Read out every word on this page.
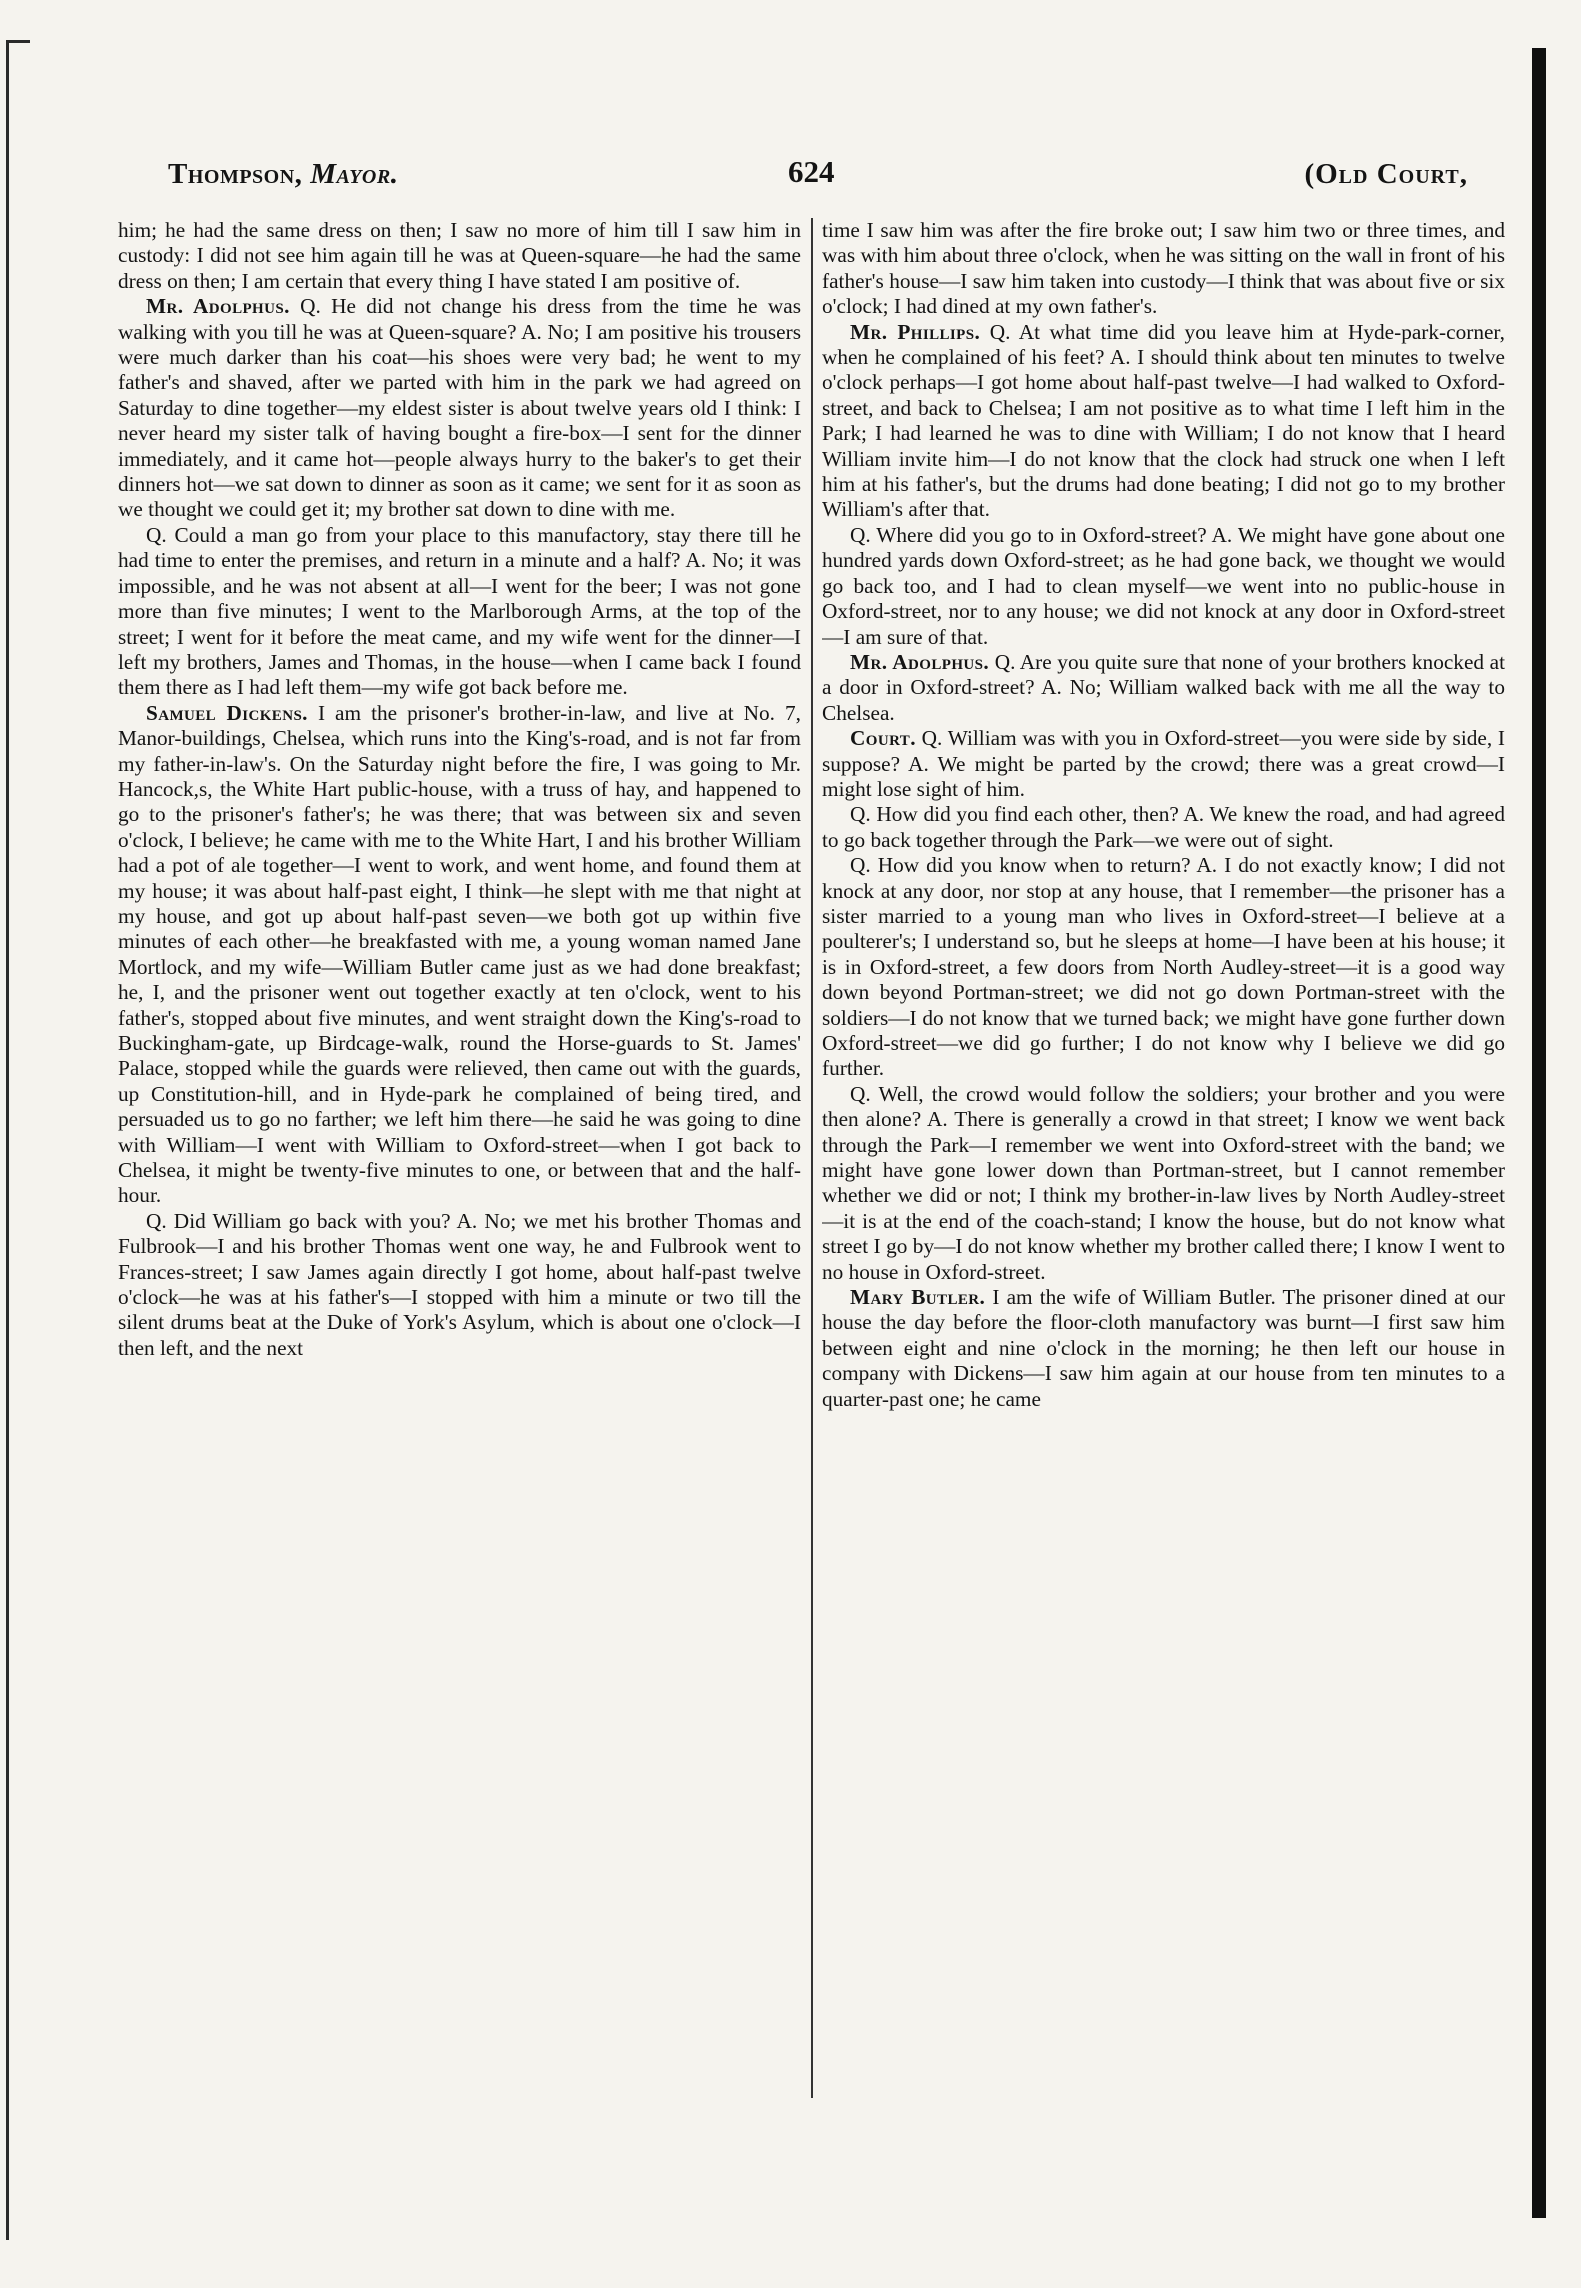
Thompson, Mayor.	624	(Old Court,

him; he had the same dress on then; I saw no more of him till I saw him in custody: I did not see him again till he was at Queen-square—he had the same dress on then; I am certain that every thing I have stated I am positive of.

Mr. Adolphus. Q. He did not change his dress from the time he was walking with you till he was at Queen-square? A. No; I am positive his trousers were much darker than his coat—his shoes were very bad; he went to my father's and shaved, after we parted with him in the park we had agreed on Saturday to dine together—my eldest sister is about twelve years old I think: I never heard my sister talk of having bought a fire-box—I sent for the dinner immediately, and it came hot—people always hurry to the baker's to get their dinners hot—we sat down to dinner as soon as it came; we sent for it as soon as we thought we could get it; my brother sat down to dine with me.

Q. Could a man go from your place to this manufactory, stay there till he had time to enter the premises, and return in a minute and a half? A. No; it was impossible, and he was not absent at all—I went for the beer; I was not gone more than five minutes; I went to the Marlborough Arms, at the top of the street; I went for it before the meat came, and my wife went for the dinner—I left my brothers, James and Thomas, in the house—when I came back I found them there as I had left them—my wife got back before me.

Samuel Dickens. I am the prisoner's brother-in-law, and live at No. 7, Manor-buildings, Chelsea, which runs into the King's-road, and is not far from my father-in-law's. On the Saturday night before the fire, I was going to Mr. Hancock,s, the White Hart public-house, with a truss of hay, and happened to go to the prisoner's father's; he was there; that was between six and seven o'clock, I believe; he came with me to the White Hart, I and his brother William had a pot of ale together—I went to work, and went home, and found them at my house; it was about half-past eight, I think—he slept with me that night at my house, and got up about half-past seven—we both got up within five minutes of each other—he breakfasted with me, a young woman named Jane Mortlock, and my wife—William Butler came just as we had done breakfast; he, I, and the prisoner went out together exactly at ten o'clock, went to his father's, stopped about five minutes, and went straight down the King's-road to Buckingham-gate, up Birdcage-walk, round the Horse-guards to St. James' Palace, stopped while the guards were relieved, then came out with the guards, up Constitution-hill, and in Hyde-park he complained of being tired, and persuaded us to go no farther; we left him there—he said he was going to dine with William—I went with William to Oxford-street—when I got back to Chelsea, it might be twenty-five minutes to one, or between that and the half-hour.

Q. Did William go back with you? A. No; we met his brother Thomas and Fulbrook—I and his brother Thomas went one way, he and Fulbrook went to Frances-street; I saw James again directly I got home, about half-past twelve o'clock—he was at his father's—I stopped with him a minute or two till the silent drums beat at the Duke of York's Asylum, which is about one o'clock—I then left, and the next

time I saw him was after the fire broke out; I saw him two or three times, and was with him about three o'clock, when he was sitting on the wall in front of his father's house—I saw him taken into custody—I think that was about five or six o'clock; I had dined at my own father's.

Mr. Phillips. Q. At what time did you leave him at Hyde-park-corner, when he complained of his feet? A. I should think about ten minutes to twelve o'clock perhaps—I got home about half-past twelve—I had walked to Oxford-street, and back to Chelsea; I am not positive as to what time I left him in the Park; I had learned he was to dine with William; I do not know that I heard William invite him—I do not know that the clock had struck one when I left him at his father's, but the drums had done beating; I did not go to my brother William's after that.

Q. Where did you go to in Oxford-street? A. We might have gone about one hundred yards down Oxford-street; as he had gone back, we thought we would go back too, and I had to clean myself—we went into no public-house in Oxford-street, nor to any house; we did not knock at any door in Oxford-street—I am sure of that.

Mr. Adolphus. Q. Are you quite sure that none of your brothers knocked at a door in Oxford-street? A. No; William walked back with me all the way to Chelsea.

Court. Q. William was with you in Oxford-street—you were side by side, I suppose? A. We might be parted by the crowd; there was a great crowd—I might lose sight of him.

Q. How did you find each other, then? A. We knew the road, and had agreed to go back together through the Park—we were out of sight.

Q. How did you know when to return? A. I do not exactly know; I did not knock at any door, nor stop at any house, that I remember—the prisoner has a sister married to a young man who lives in Oxford-street—I believe at a poulterer's; I understand so, but he sleeps at home—I have been at his house; it is in Oxford-street, a few doors from North Audley-street—it is a good way down beyond Portman-street; we did not go down Portman-street with the soldiers—I do not know that we turned back; we might have gone further down Oxford-street—we did go further; I do not know why I believe we did go further.

Q. Well, the crowd would follow the soldiers; your brother and you were then alone? A. There is generally a crowd in that street; I know we went back through the Park—I remember we went into Oxford-street with the band; we might have gone lower down than Portman-street, but I cannot remember whether we did or not; I think my brother-in-law lives by North Audley-street—it is at the end of the coach-stand; I know the house, but do not know what street I go by—I do not know whether my brother called there; I know I went to no house in Oxford-street.

Mary Butler. I am the wife of William Butler. The prisoner dined at our house the day before the floor-cloth manufactory was burnt—I first saw him between eight and nine o'clock in the morning; he then left our house in company with Dickens—I saw him again at our house from ten minutes to a quarter-past one; he came
